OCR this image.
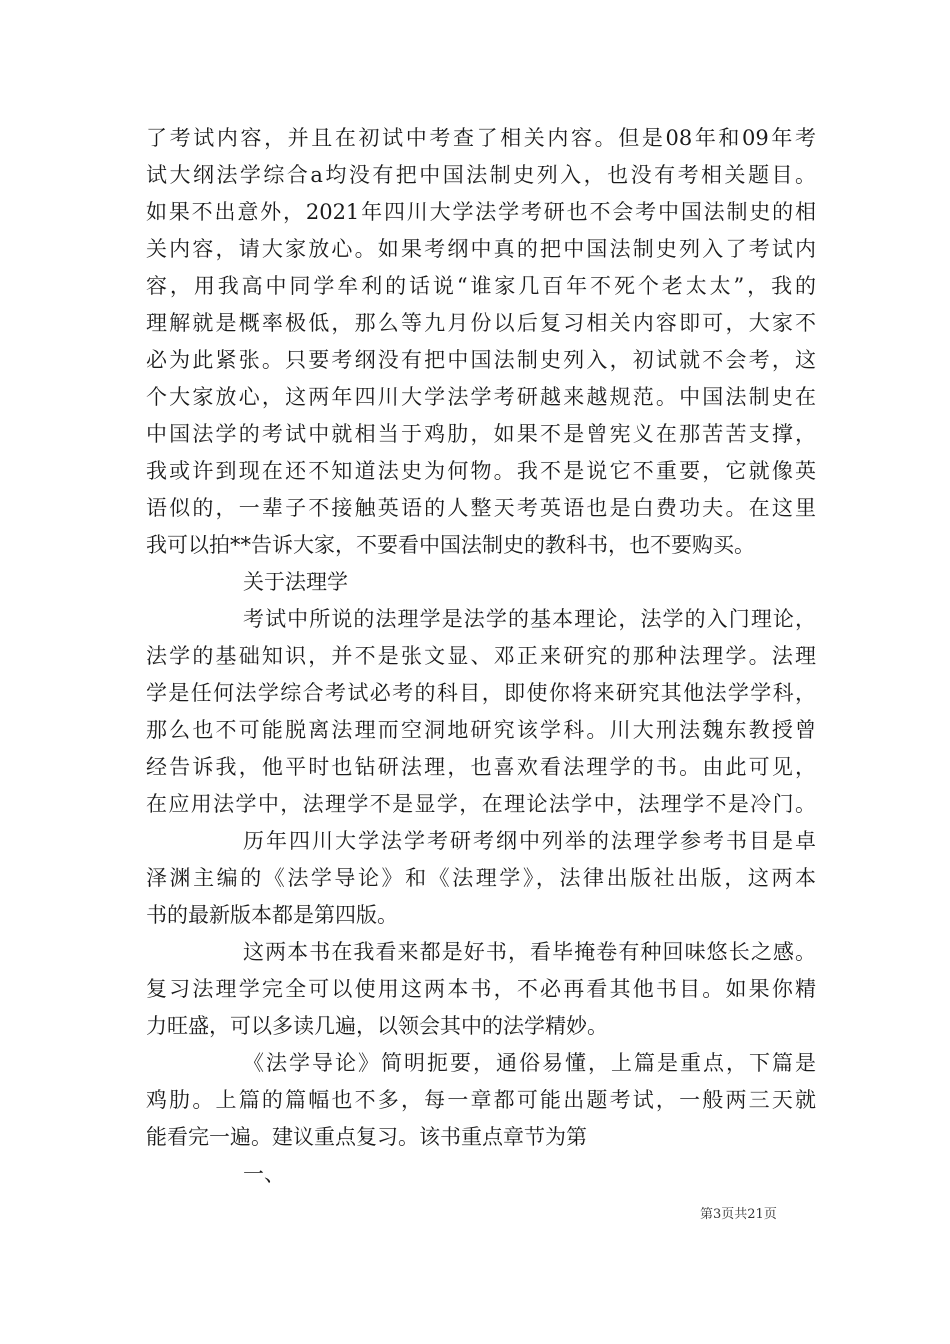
了考试内容，并且在初试中考查了相关内容。但是08年和09年考
试大纲法学综合a均没有把中国法制史列入，也没有考相关题目。
如果不出意外，2021年四川大学法学考研也不会考中国法制史的相
关内容，请大家放心。如果考纲中真的把中国法制史列入了考试内
容，用我高中同学牟利的话说“谁家几百年不死个老太太”，我的
理解就是概率极低，那么等九月份以后复习相关内容即可，大家不
必为此紧张。只要考纲没有把中国法制史列入，初试就不会考，这
个大家放心，这两年四川大学法学考研越来越规范。中国法制史在
中国法学的考试中就相当于鸡肋，如果不是曾宪义在那苦苦支撑，
我或许到现在还不知道法史为何物。我不是说它不重要，它就像英
语似的，一辈子不接触英语的人整天考英语也是白费功夫。在这里
我可以拍**告诉大家，不要看中国法制史的教科书，也不要购买。
关于法理学
考试中所说的法理学是法学的基本理论，法学的入门理论，
法学的基础知识，并不是张文显、邓正来研究的那种法理学。法理
学是任何法学综合考试必考的科目，即使你将来研究其他法学学科，
那么也不可能脱离法理而空洞地研究该学科。川大刑法魏东教授曾
经告诉我，他平时也钻研法理，也喜欢看法理学的书。由此可见，
在应用法学中，法理学不是显学，在理论法学中，法理学不是冷门。
历年四川大学法学考研考纲中列举的法理学参考书目是卓
泽渊主编的《法学导论》和《法理学》，法律出版社出版，这两本
书的最新版本都是第四版。
这两本书在我看来都是好书，看毕掩卷有种回味悠长之感。
复习法理学完全可以使用这两本书，不必再看其他书目。如果你精
力旺盛，可以多读几遍，以领会其中的法学精妙。
《法学导论》简明扼要，通俗易懂，上篇是重点，下篇是
鸡肋。上篇的篇幅也不多，每一章都可能出题考试，一般两三天就
能看完一遍。建议重点复习。该书重点章节为第
一、
第3页共21页
